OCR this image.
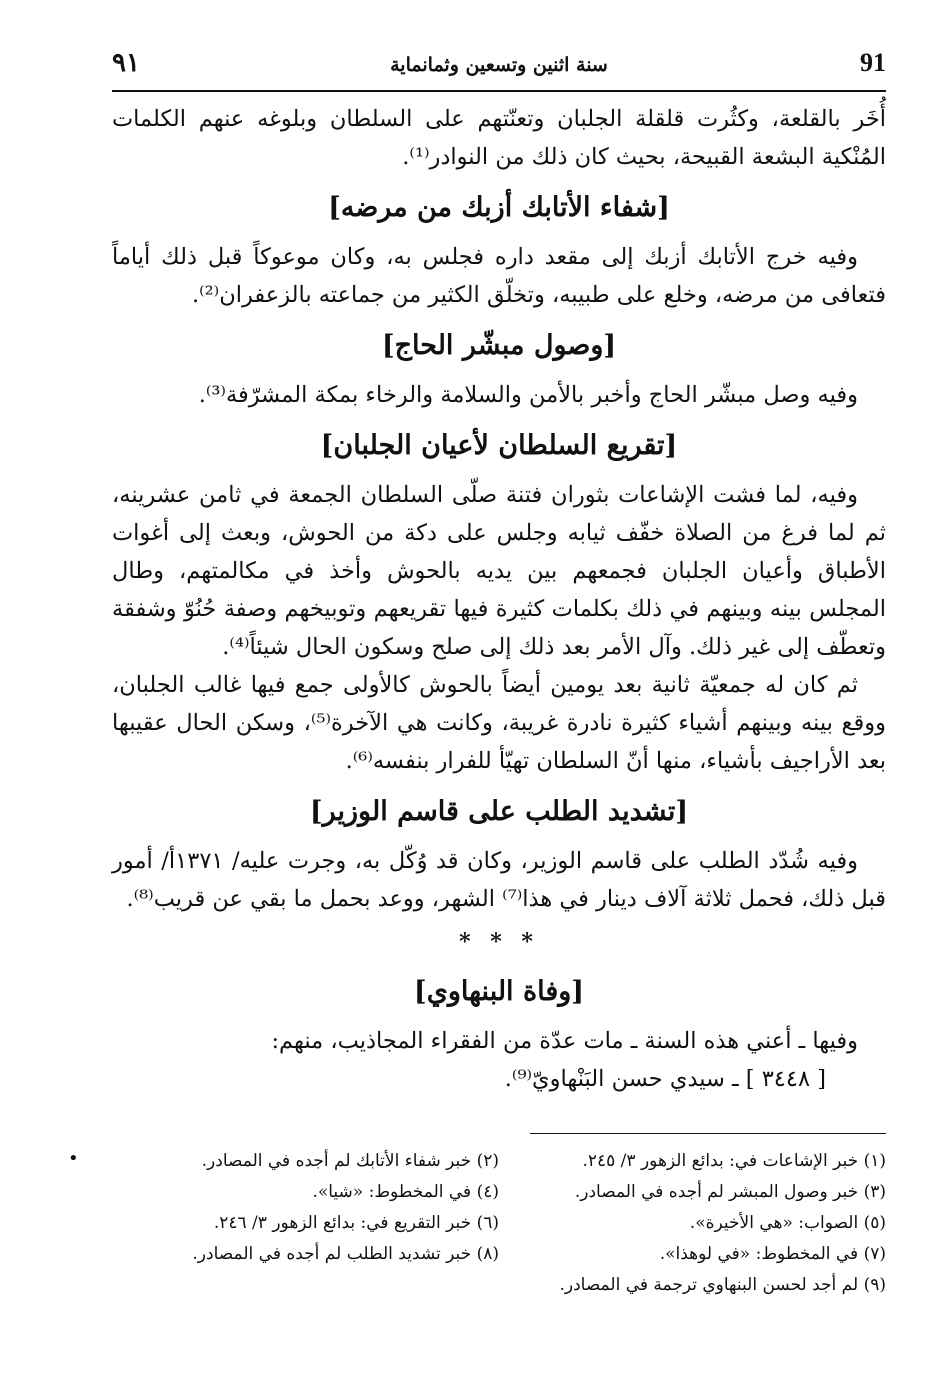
٩١	سنة اثنين وتسعين وثمانماية	91

أُخَر بالقلعة، وكثُرت قلقلة الجلبان وتعنّتهم على السلطان وبلوغه عنهم الكلمات المُنْكية البشعة القبيحة، بحيث كان ذلك من النوادر⁽¹⁾.

[شفاء الأتابك أزبك من مرضه]

وفيه خرج الأتابك أزبك إلى مقعد داره فجلس به، وكان موعوكاً قبل ذلك أياماً فتعافى من مرضه، وخلع على طبيبه، وتخلّق الكثير من جماعته بالزعفران⁽²⁾.

[وصول مبشّر الحاج]

وفيه وصل مبشّر الحاج وأخبر بالأمن والسلامة والرخاء بمكة المشرّفة⁽³⁾.

[تقريع السلطان لأعيان الجلبان]

وفيه، لما فشت الإشاعات بثوران فتنة صلّى السلطان الجمعة في ثامن عشرينه، ثم لما فرغ من الصلاة خفّف ثيابه وجلس على دكة من الحوش، وبعث إلى أغوات الأطباق وأعيان الجلبان فجمعهم بين يديه بالحوش وأخذ في مكالمتهم، وطال المجلس بينه وبينهم في ذلك بكلمات كثيرة فيها تقريعهم وتوبيخهم وصفة حُنُوّ وشفقة وتعطّف إلى غير ذلك. وآل الأمر بعد ذلك إلى صلح وسكون الحال شيئاً⁽⁴⁾.

ثم كان له جمعيّة ثانية بعد يومين أيضاً بالحوش كالأولى جمع فيها غالب الجلبان، ووقع بينه وبينهم أشياء كثيرة نادرة غريبة، وكانت هي الآخرة⁽⁵⁾، وسكن الحال عقيبها بعد الأراجيف بأشياء، منها أنّ السلطان تهيّأ للفرار بنفسه⁽⁶⁾.

[تشديد الطلب على قاسم الوزير]

وفيه شُدّد الطلب على قاسم الوزير، وكان قد وُكّل به، وجرت عليه/ ١٣٧١أ/ أمور قبل ذلك، فحمل ثلاثة آلاف دينار في هذا⁽⁷⁾ الشهر، ووعد بحمل ما بقي عن قريب⁽⁸⁾.

* * *
[وفاة البنهاوي]

وفيها ـ أعني هذه السنة ـ مات عدّة من الفقراء المجاذيب، منهم:

[ ٣٤٤٨ ] ـ سيدي حسن البَنْهاويّ⁽⁹⁾.

•	(١) خبر الإشاعات في: بدائع الزهور ٣/ ٢٤٥.
(٢) خبر شفاء الأتابك لم أجده في المصادر.
(٣) خبر وصول المبشر لم أجده في المصادر.
(٤) في المخطوط: «شيا».
(٥) الصواب: «هي الأخيرة».
(٦) خبر التقريع في: بدائع الزهور ٣/ ٢٤٦.
(٧) في المخطوط: «في لوهذا».
(٨) خبر تشديد الطلب لم أجده في المصادر.
(٩) لم أجد لحسن البنهاوي ترجمة في المصادر.
